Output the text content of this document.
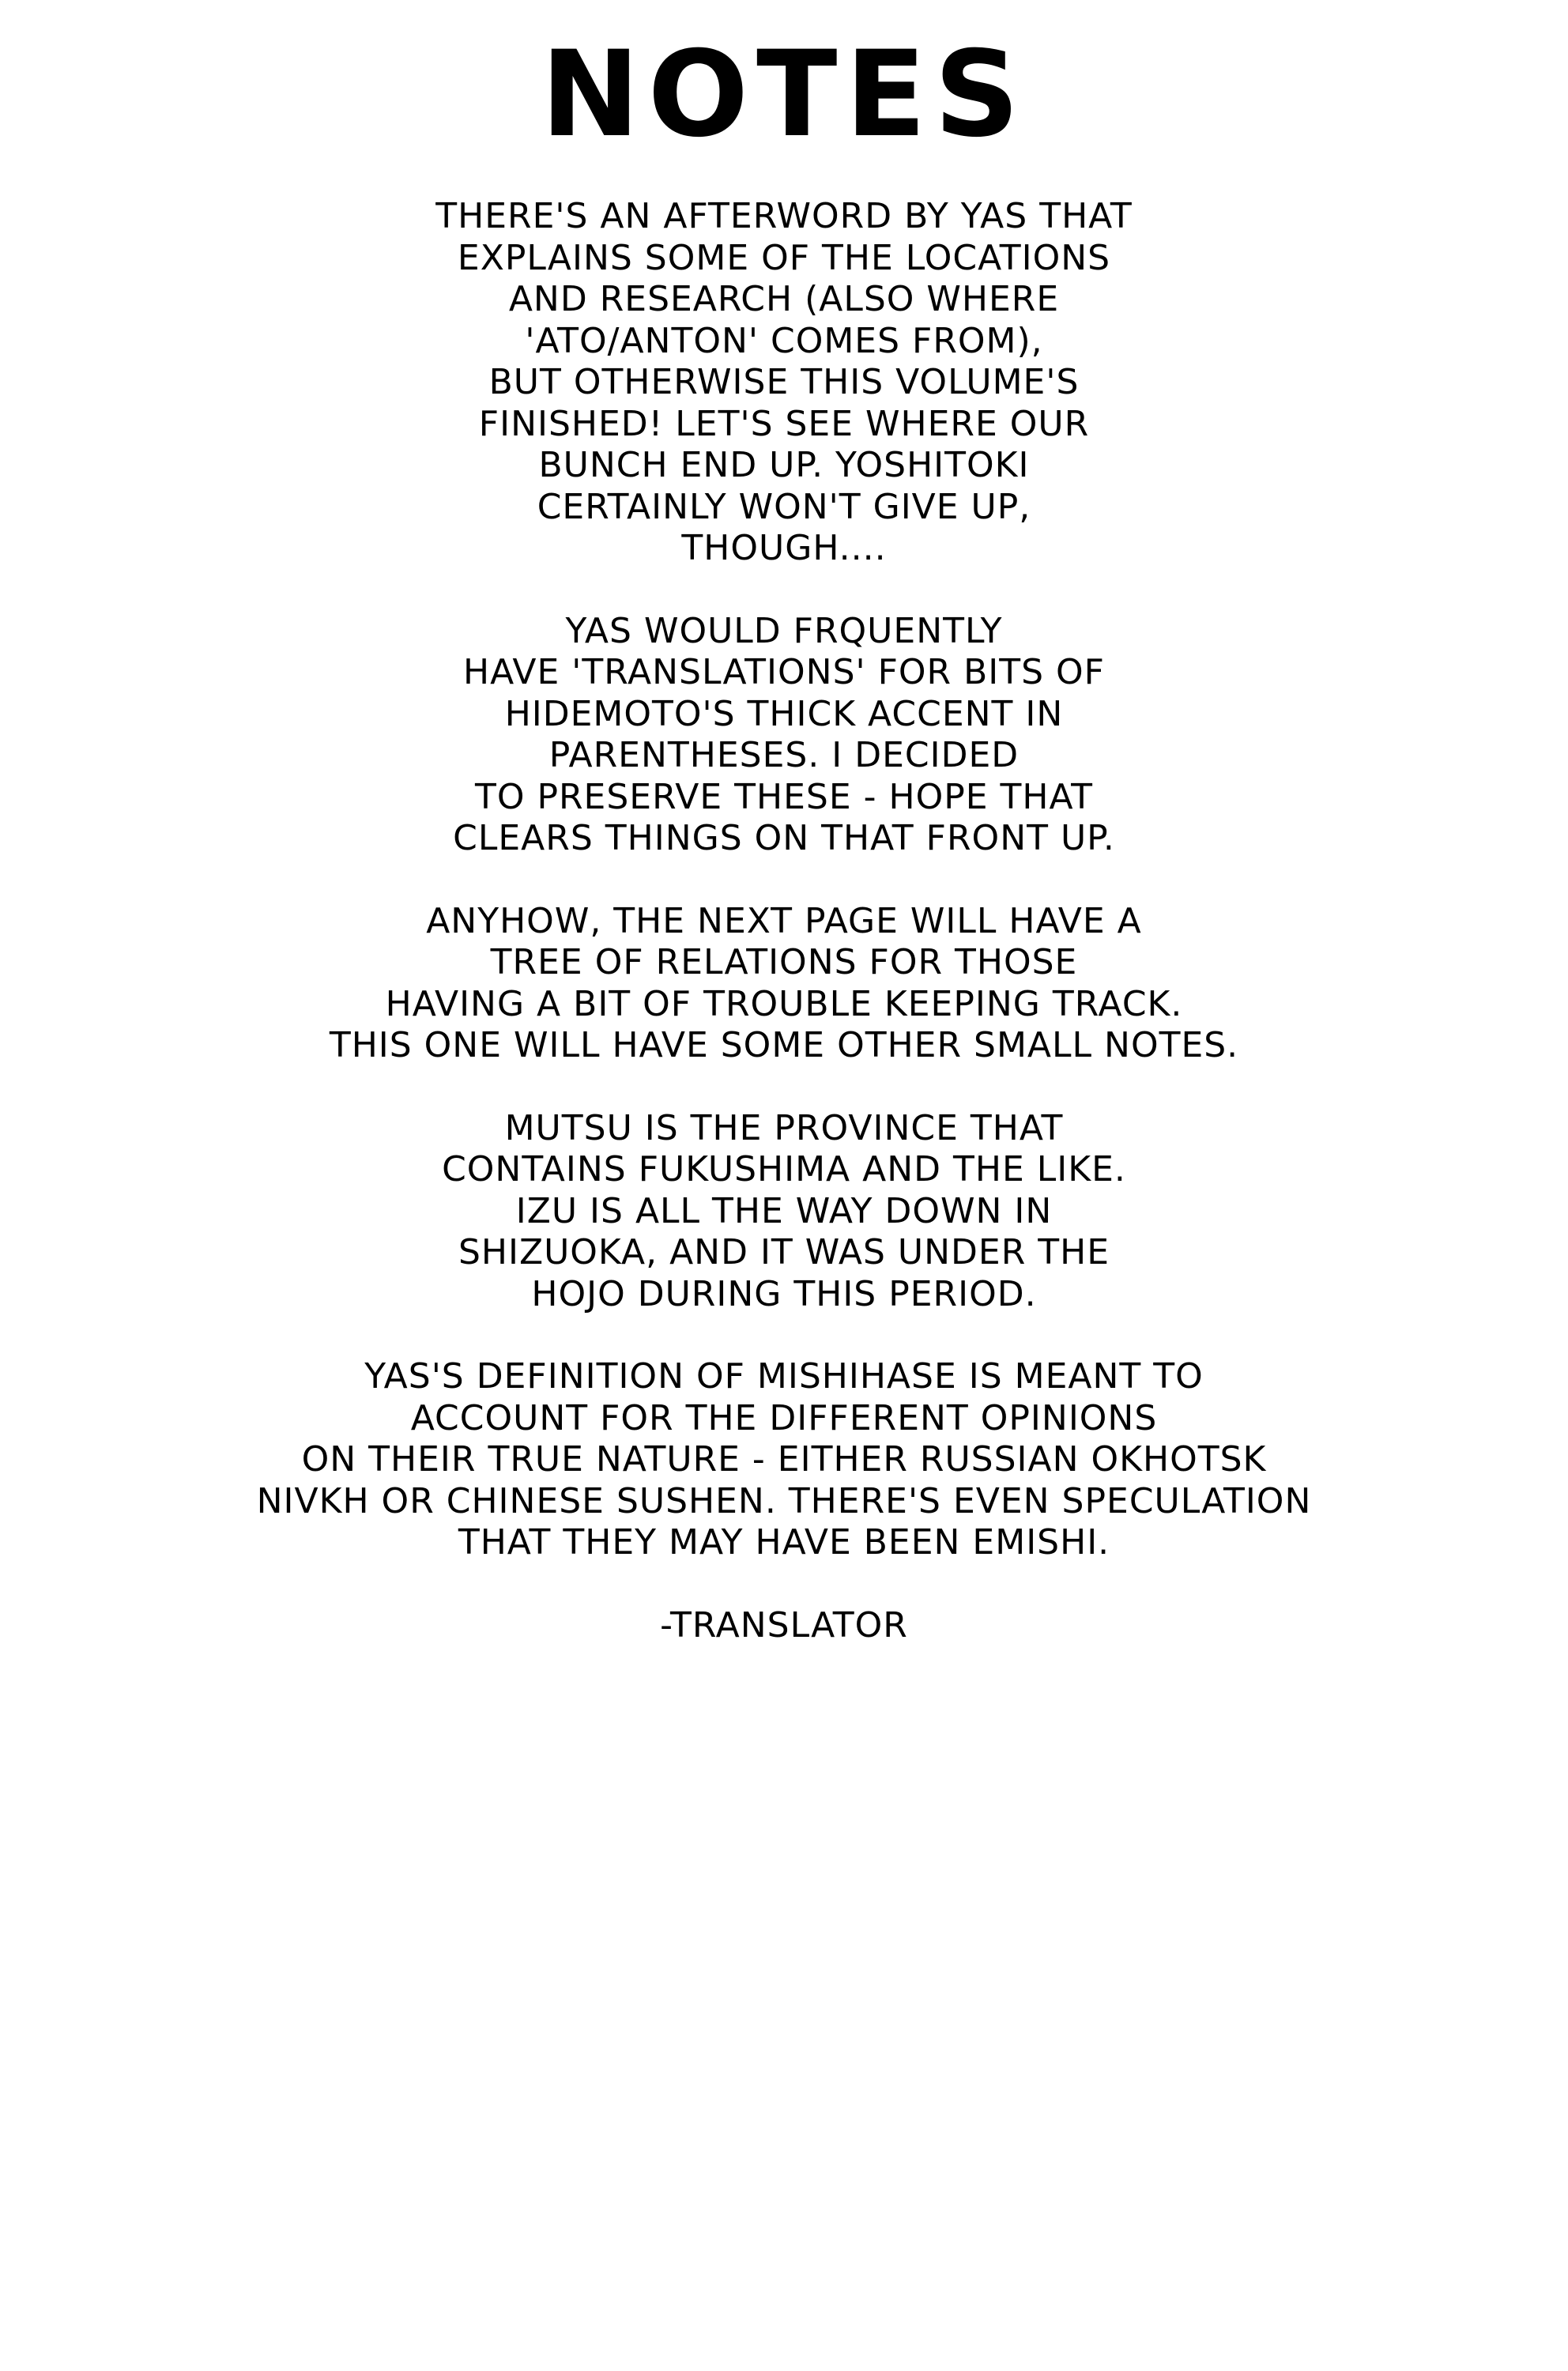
NOTES

THERE'S AN AFTERWORD BY YAS THAT
EXPLAINS SOME OF THE LOCATIONS
AND RESEARCH (ALSO WHERE
'ATO/ANTON' COMES FROM),
BUT OTHERWISE THIS VOLUME'S
FINISHED! LET'S SEE WHERE OUR
BUNCH END UP. YOSHITOKI
CERTAINLY WON'T GIVE UP,
THOUGH....

YAS WOULD FRQUENTLY
HAVE 'TRANSLATIONS' FOR BITS OF
HIDEMOTO'S THICK ACCENT IN
PARENTHESES. I DECIDED
TO PRESERVE THESE - HOPE THAT
CLEARS THINGS ON THAT FRONT UP.

ANYHOW, THE NEXT PAGE WILL HAVE A
TREE OF RELATIONS FOR THOSE
HAVING A BIT OF TROUBLE KEEPING TRACK.
THIS ONE WILL HAVE SOME OTHER SMALL NOTES.

MUTSU IS THE PROVINCE THAT
CONTAINS FUKUSHIMA AND THE LIKE.
IZU IS ALL THE WAY DOWN IN
SHIZUOKA, AND IT WAS UNDER THE
HOJO DURING THIS PERIOD.

YAS'S DEFINITION OF MISHIHASE IS MEANT TO
ACCOUNT FOR THE DIFFERENT OPINIONS
ON THEIR TRUE NATURE - EITHER RUSSIAN OKHOTSK
NIVKH OR CHINESE SUSHEN. THERE'S EVEN SPECULATION
THAT THEY MAY HAVE BEEN EMISHI.

-TRANSLATOR
